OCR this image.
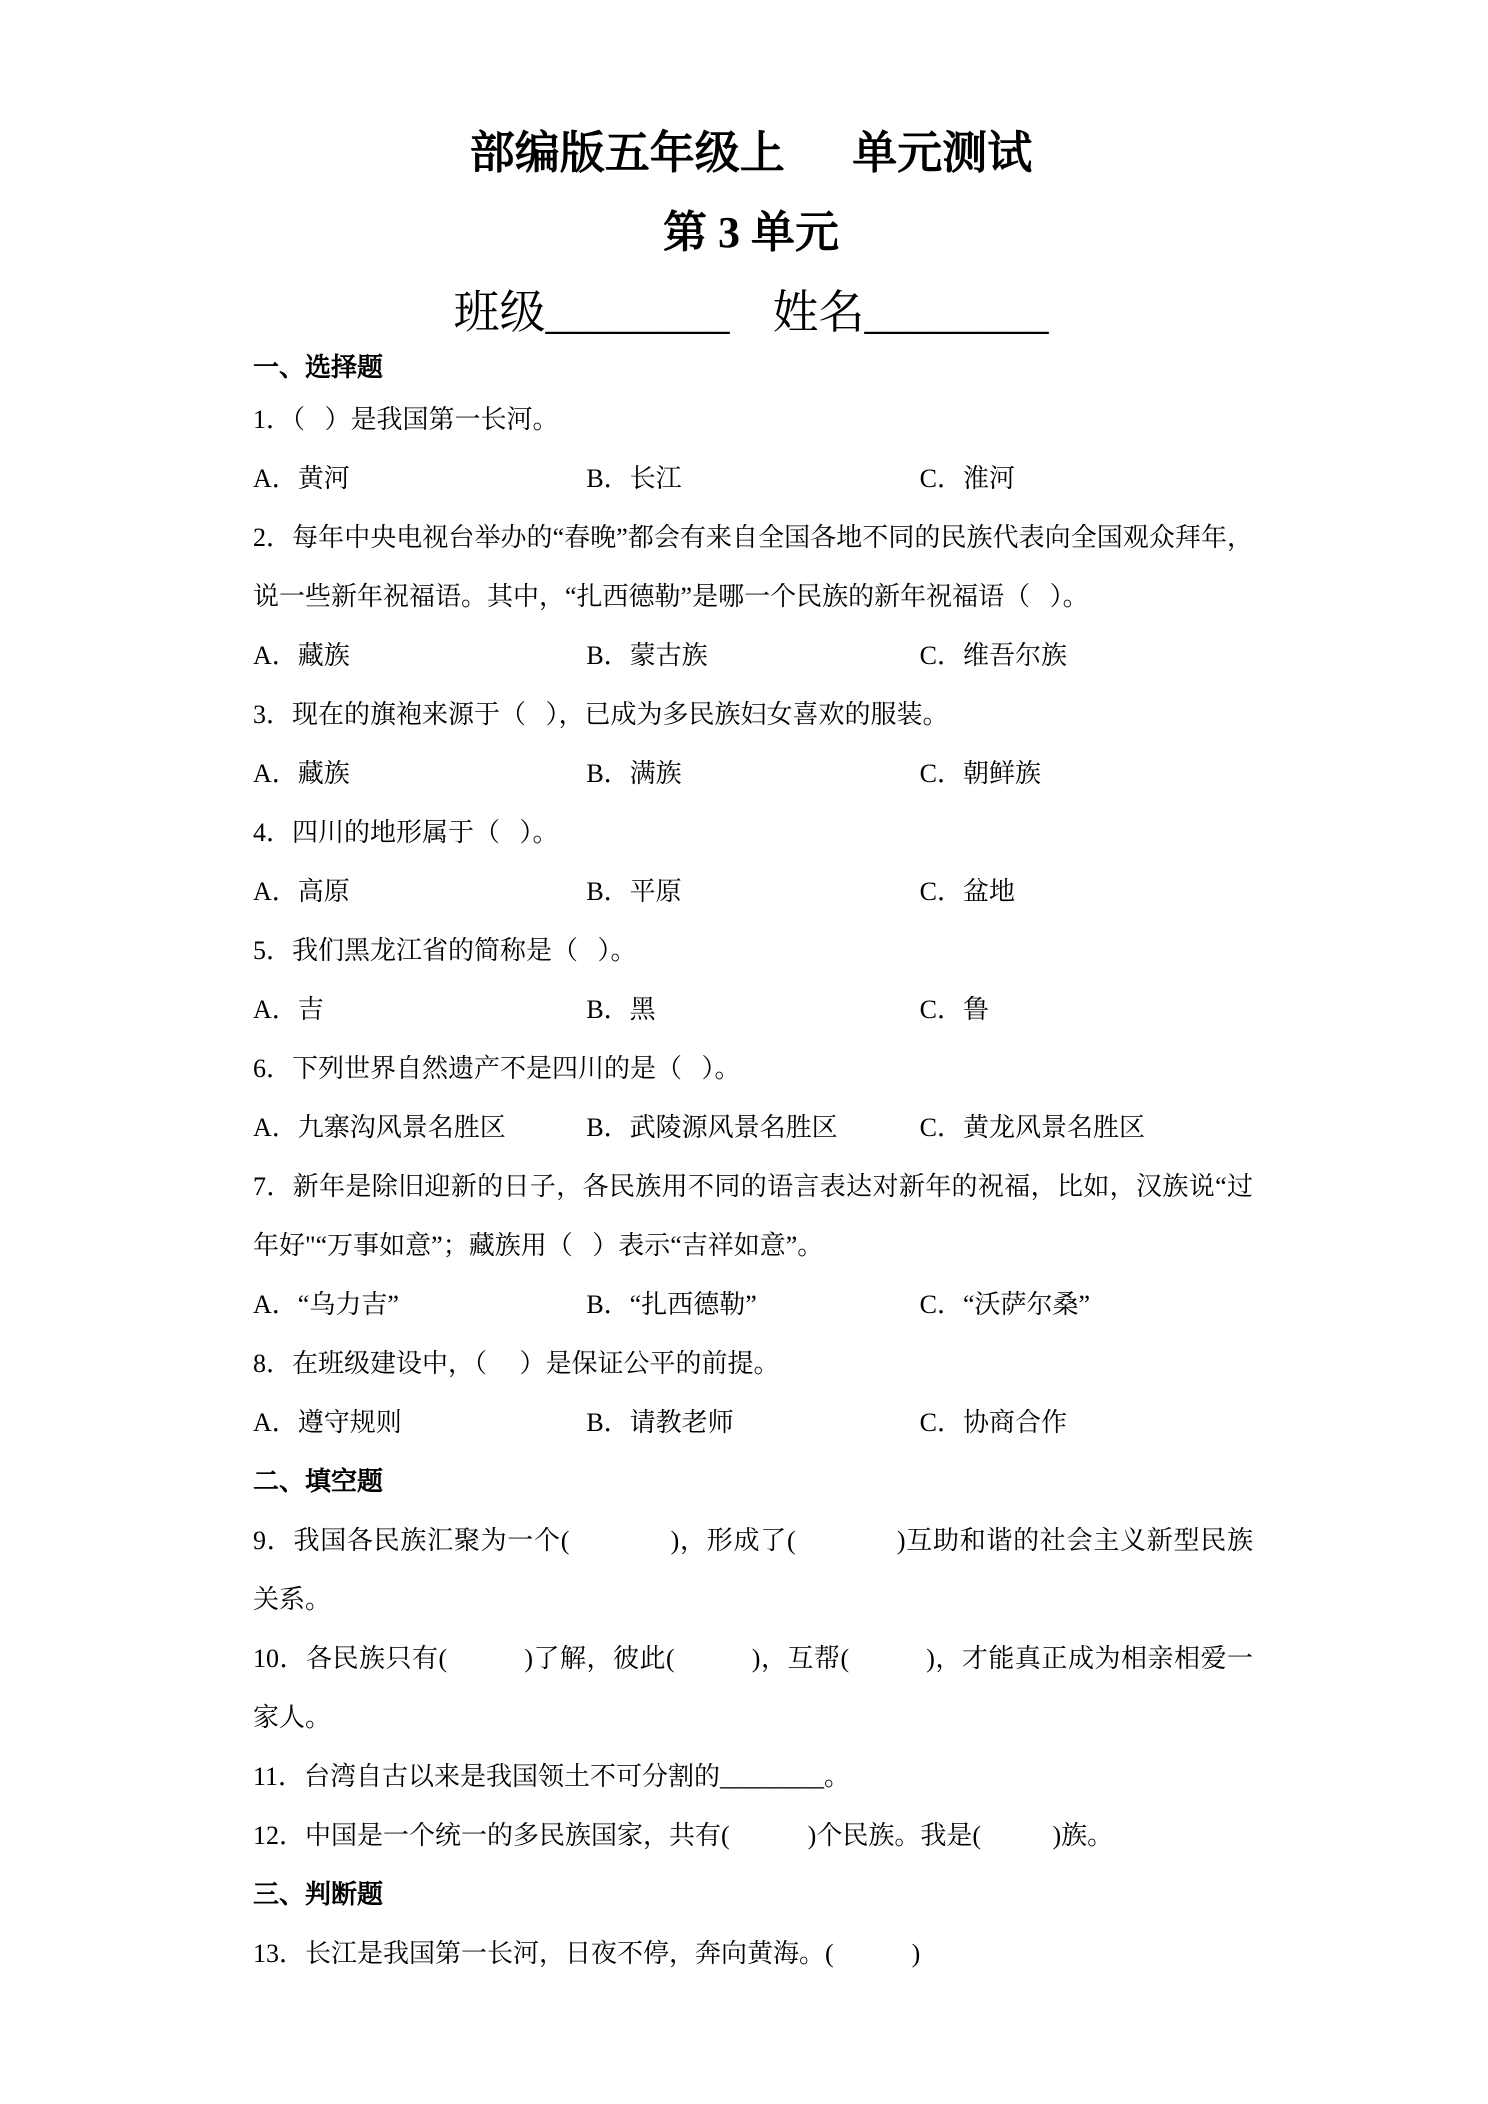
部编版五年级上      单元测试
第 3 单元
班级________ 姓名________
一、选择题
1．（   ）是我国第一长河。
A．黄河	B．长江	C．淮河
2．每年中央电视台举办的“春晚”都会有来自全国各地不同的民族代表向全国观众拜年，
说一些新年祝福语。其中，“扎西德勒”是哪一个民族的新年祝福语（   ）。
A．藏族	B．蒙古族	C．维吾尔族
3．现在的旗袍来源于（   ），已成为多民族妇女喜欢的服装。
A．藏族	B．满族	C．朝鲜族
4．四川的地形属于（   ）。
A．高原	B．平原	C．盆地
5．我们黑龙江省的简称是（   ）。
A．吉	B．黑	C．鲁
6．下列世界自然遗产不是四川的是（   ）。
A．九寨沟风景名胜区	B．武陵源风景名胜区	C．黄龙风景名胜区
7．新年是除旧迎新的日子，各民族用不同的语言表达对新年的祝福，比如，汉族说“过
年好"“万事如意”；藏族用（   ）表示“吉祥如意”。
A．“乌力吉”	B．“扎西德勒”	C．“沃萨尔桑”
8．在班级建设中，（     ）是保证公平的前提。
A．遵守规则	B．请教老师	C．协商合作
二、填空题
9．我国各民族汇聚为一个(              )，形成了(              )互助和谐的社会主义新型民族
关系。
10．各民族只有(           )了解，彼此(           )，互帮(           )，才能真正成为相亲相爱一
家人。
11．台湾自古以来是我国领土不可分割的________。
12．中国是一个统一的多民族国家，共有(            )个民族。我是(           )族。
三、判断题
13．长江是我国第一长河，日夜不停，奔向黄海。(            )
